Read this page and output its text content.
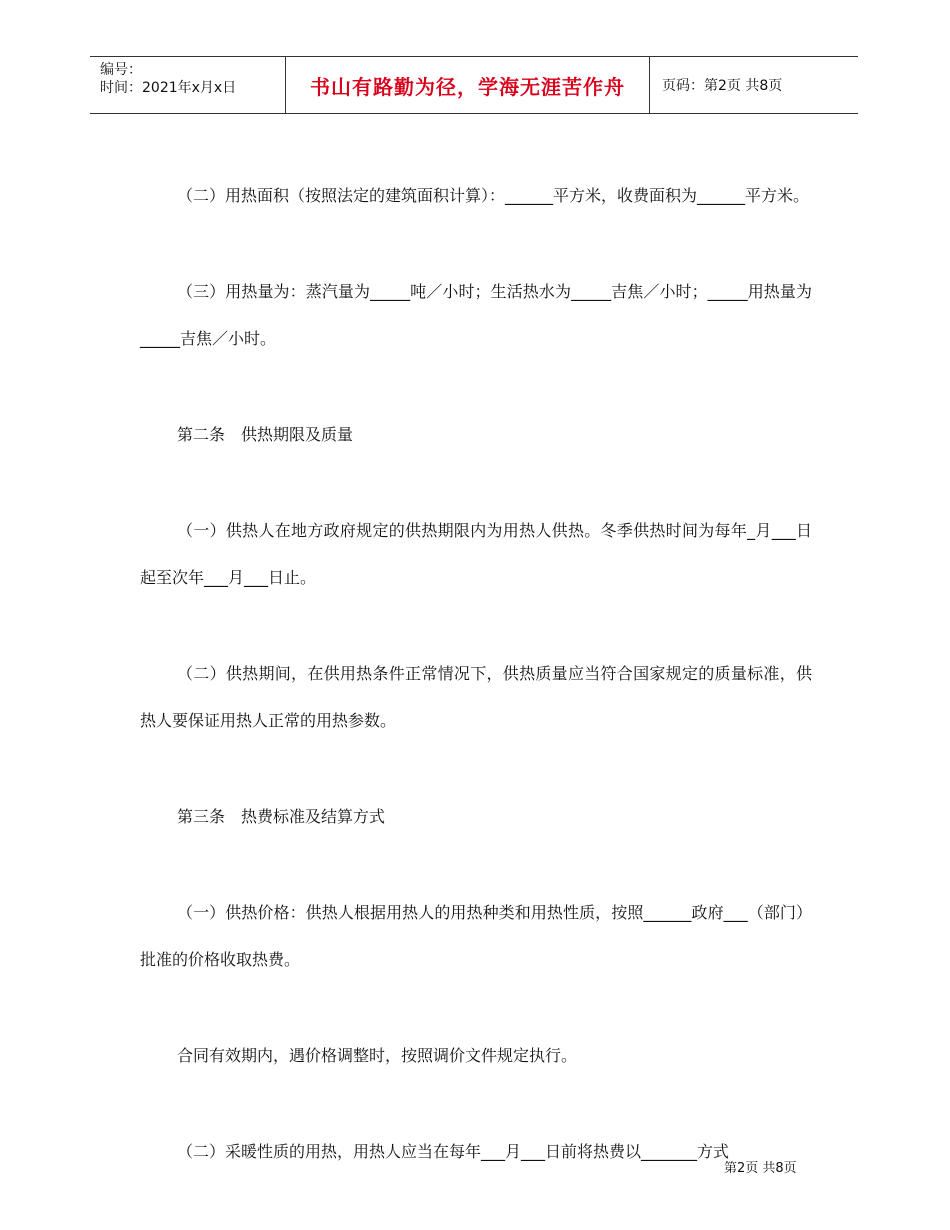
编号：
时间：2021年x月x日	书山有路勤为径，学海无涯苦作舟	页码：第2页 共8页

（二）用热面积（按照法定的建筑面积计算）：______平方米，收费面积为______平方米。

（三）用热量为：蒸汽量为_____吨／小时；生活热水为_____吉焦／小时；_____用热量为_____吉焦／小时。

第二条　供热期限及质量

（一）供热人在地方政府规定的供热期限内为用热人供热。冬季供热时间为每年_月___日起至次年___月___日止。

（二）供热期间，在供用热条件正常情况下，供热质量应当符合国家规定的质量标准，供热人要保证用热人正常的用热参数。

第三条　热费标准及结算方式

（一）供热价格：供热人根据用热人的用热种类和用热性质，按照______政府___（部门）批准的价格收取热费。

合同有效期内，遇价格调整时，按照调价文件规定执行。

（二）采暖性质的用热，用热人应当在每年___月___日前将热费以_______方式

第2页 共8页
